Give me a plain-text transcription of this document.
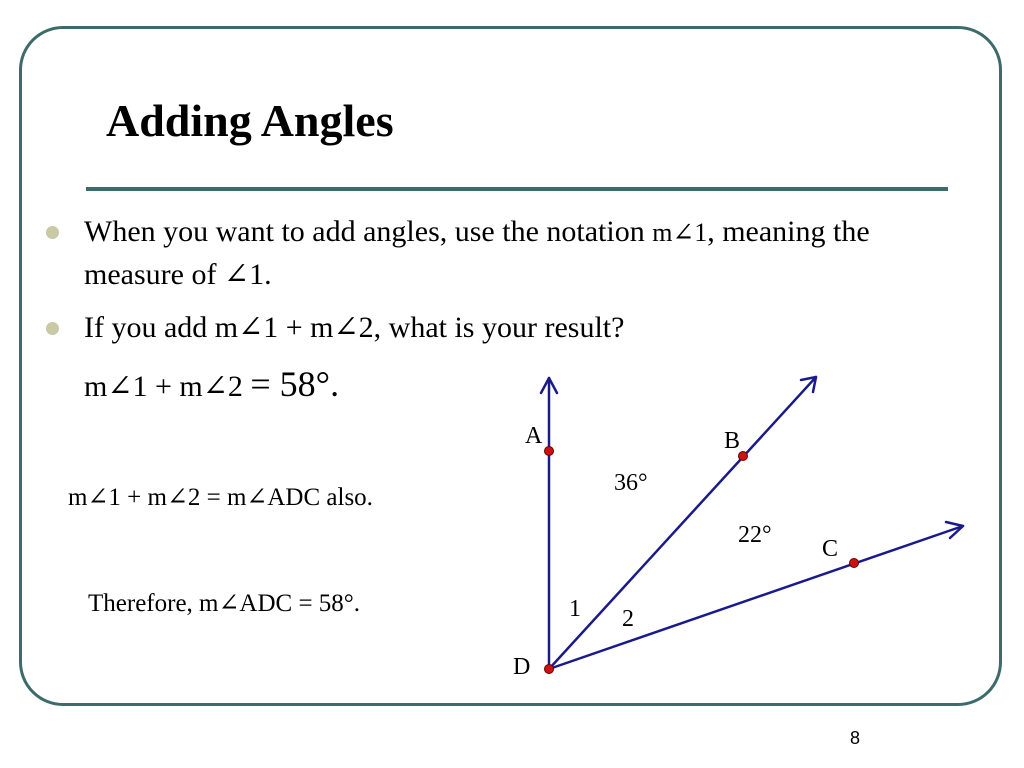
Adding Angles
When you want to add angles, use the notation m∠1, meaning the measure of ∠1.
If you add m∠1 + m∠2, what is your result?
m∠1 + m∠2 = 58°.
m∠1 + m∠2 = m∠ADC also.
Therefore, m∠ADC = 58°.
A	B
C
D
1 2
36°
22°
8
